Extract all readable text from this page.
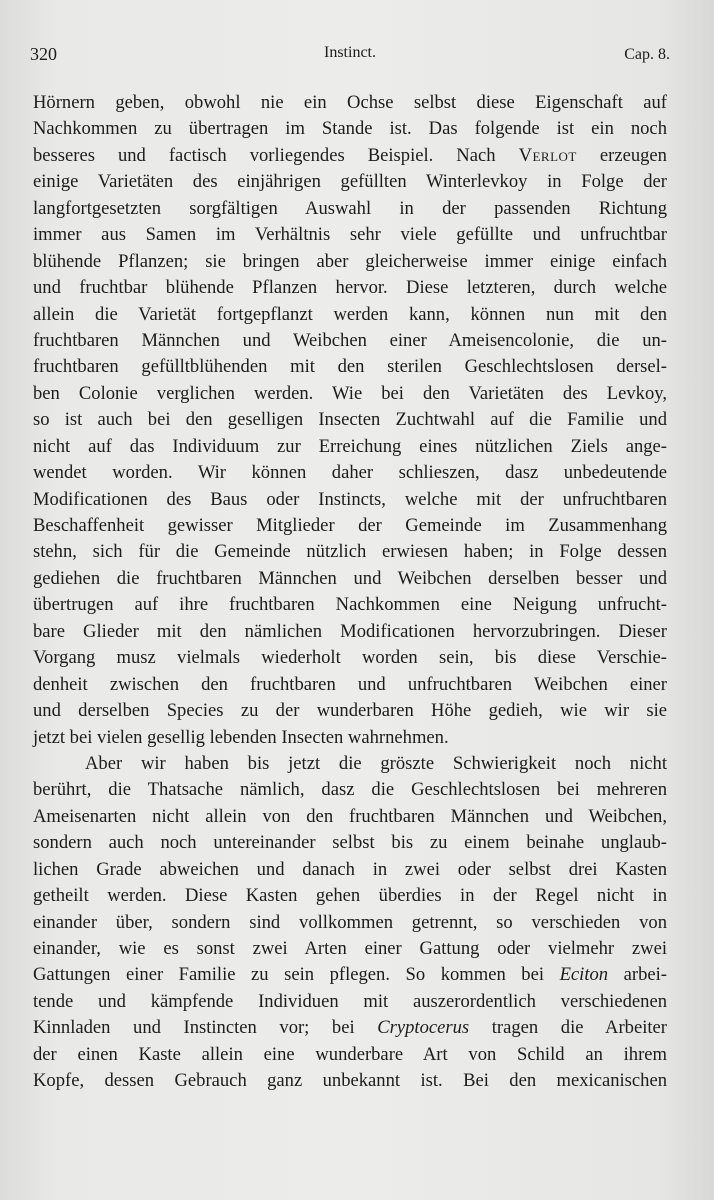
320	Instinct.	Cap. 8.
Hörnern geben, obwohl nie ein Ochse selbst diese Eigenschaft auf
Nachkommen zu übertragen im Stande ist. Das folgende ist ein noch
besseres und factisch vorliegendes Beispiel. Nach Verlot erzeugen
einige Varietäten des einjährigen gefüllten Winterlevkoy in Folge der
langfortgesetzten sorgfältigen Auswahl in der passenden Richtung
immer aus Samen im Verhältnis sehr viele gefüllte und unfruchtbar
blühende Pflanzen; sie bringen aber gleicherweise immer einige einfach
und fruchtbar blühende Pflanzen hervor. Diese letzteren, durch welche
allein die Varietät fortgepflanzt werden kann, können nun mit den
fruchtbaren Männchen und Weibchen einer Ameisencolonie, die un-
fruchtbaren gefülltblühenden mit den sterilen Geschlechtslosen dersel-
ben Colonie verglichen werden. Wie bei den Varietäten des Levkoy,
so ist auch bei den geselligen Insecten Zuchtwahl auf die Familie und
nicht auf das Individuum zur Erreichung eines nützlichen Ziels ange-
wendet worden. Wir können daher schlieszen, dasz unbedeutende
Modificationen des Baus oder Instincts, welche mit der unfruchtbaren
Beschaffenheit gewisser Mitglieder der Gemeinde im Zusammenhang
stehn, sich für die Gemeinde nützlich erwiesen haben; in Folge dessen
gediehen die fruchtbaren Männchen und Weibchen derselben besser und
übertrugen auf ihre fruchtbaren Nachkommen eine Neigung unfrucht-
bare Glieder mit den nämlichen Modificationen hervorzubringen. Dieser
Vorgang musz vielmals wiederholt worden sein, bis diese Verschie-
denheit zwischen den fruchtbaren und unfruchtbaren Weibchen einer
und derselben Species zu der wunderbaren Höhe gedieh, wie wir sie
jetzt bei vielen gesellig lebenden Insecten wahrnehmen.
Aber wir haben bis jetzt die gröszte Schwierigkeit noch nicht
berührt, die Thatsache nämlich, dasz die Geschlechtslosen bei mehreren
Ameisenarten nicht allein von den fruchtbaren Männchen und Weibchen,
sondern auch noch untereinander selbst bis zu einem beinahe unglaub-
lichen Grade abweichen und danach in zwei oder selbst drei Kasten
getheilt werden. Diese Kasten gehen überdies in der Regel nicht in
einander über, sondern sind vollkommen getrennt, so verschieden von
einander, wie es sonst zwei Arten einer Gattung oder vielmehr zwei
Gattungen einer Familie zu sein pflegen. So kommen bei Eciton arbei-
tende und kämpfende Individuen mit auszerordentlich verschiedenen
Kinnladen und Instincten vor; bei Cryptocerus tragen die Arbeiter
der einen Kaste allein eine wunderbare Art von Schild an ihrem
Kopfe, dessen Gebrauch ganz unbekannt ist. Bei den mexicanischen
